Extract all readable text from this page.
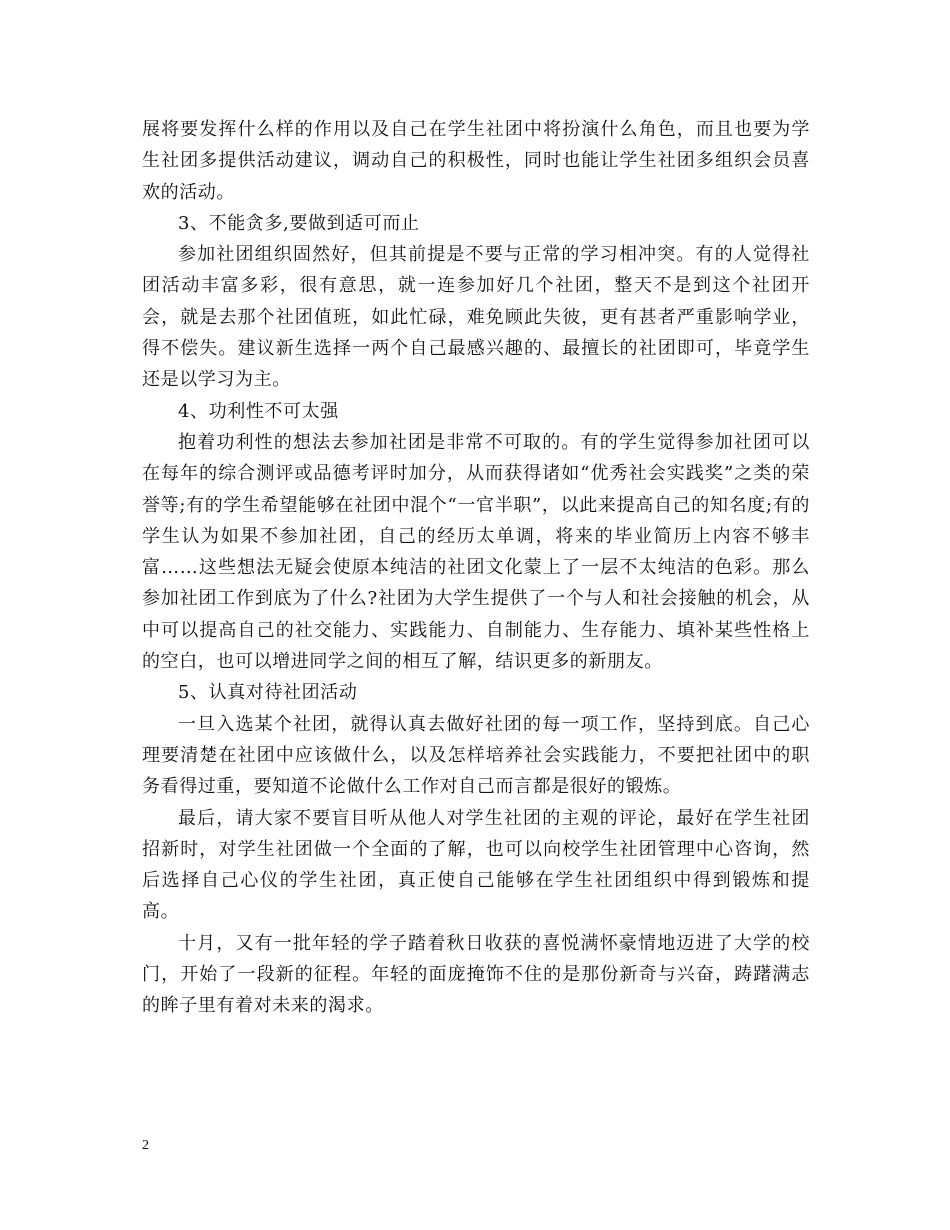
展将要发挥什么样的作用以及自己在学生社团中将扮演什么角色，而且也要为学生社团多提供活动建议，调动自己的积极性，同时也能让学生社团多组织会员喜欢的活动。

3、不能贪多,要做到适可而止

参加社团组织固然好，但其前提是不要与正常的学习相冲突。有的人觉得社团活动丰富多彩，很有意思，就一连参加好几个社团，整天不是到这个社团开会，就是去那个社团值班，如此忙碌，难免顾此失彼，更有甚者严重影响学业，得不偿失。建议新生选择一两个自己最感兴趣的、最擅长的社团即可，毕竟学生还是以学习为主。

4、功利性不可太强

抱着功利性的想法去参加社团是非常不可取的。有的学生觉得参加社团可以在每年的综合测评或品德考评时加分，从而获得诸如“优秀社会实践奖”之类的荣誉等;有的学生希望能够在社团中混个“一官半职”，以此来提高自己的知名度;有的学生认为如果不参加社团，自己的经历太单调，将来的毕业简历上内容不够丰富……这些想法无疑会使原本纯洁的社团文化蒙上了一层不太纯洁的色彩。那么参加社团工作到底为了什么?社团为大学生提供了一个与人和社会接触的机会，从中可以提高自己的社交能力、实践能力、自制能力、生存能力、填补某些性格上的空白，也可以增进同学之间的相互了解，结识更多的新朋友。

5、认真对待社团活动

一旦入选某个社团，就得认真去做好社团的每一项工作，坚持到底。自己心理要清楚在社团中应该做什么，以及怎样培养社会实践能力，不要把社团中的职务看得过重，要知道不论做什么工作对自己而言都是很好的锻炼。

最后，请大家不要盲目听从他人对学生社团的主观的评论，最好在学生社团招新时，对学生社团做一个全面的了解，也可以向校学生社团管理中心咨询，然后选择自己心仪的学生社团，真正使自己能够在学生社团组织中得到锻炼和提高。

十月，又有一批年轻的学子踏着秋日收获的喜悦满怀豪情地迈进了大学的校门，开始了一段新的征程。年轻的面庞掩饰不住的是那份新奇与兴奋，踌躇满志的眸子里有着对未来的渴求。

2
